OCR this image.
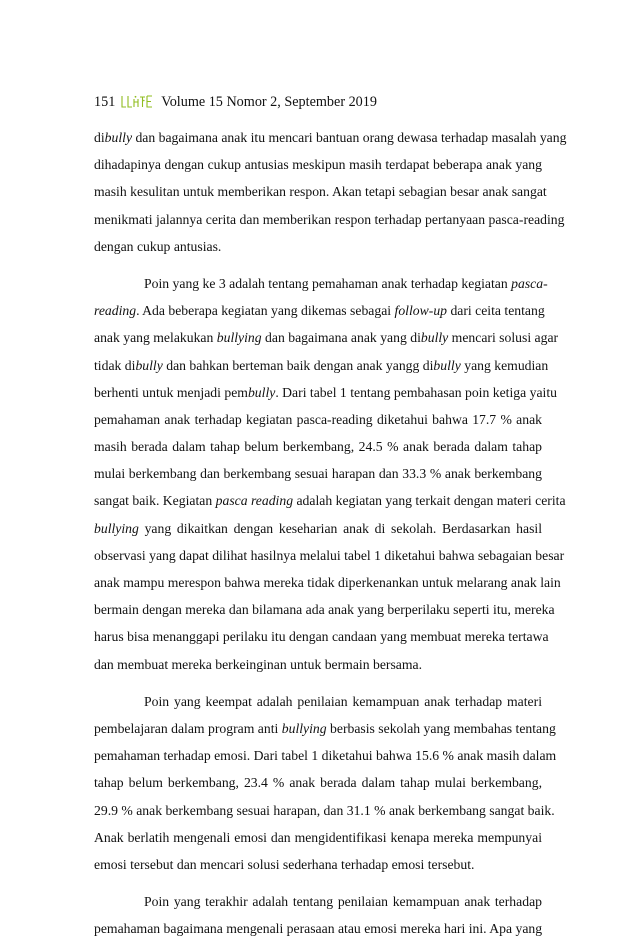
151	Volume 15 Nomor 2, September 2019
dibully dan bagaimana anak itu mencari bantuan orang dewasa terhadap masalah yang
dihadapinya dengan cukup antusias meskipun masih terdapat beberapa anak yang
masih kesulitan untuk memberikan respon. Akan tetapi sebagian besar anak sangat
menikmati jalannya cerita dan memberikan respon terhadap pertanyaan pasca-reading
dengan cukup antusias.
Poin yang ke 3 adalah tentang pemahaman anak terhadap kegiatan pasca-
reading. Ada beberapa kegiatan yang dikemas sebagai follow-up dari ceita tentang
anak yang melakukan bullying dan bagaimana anak yang dibully mencari solusi agar
tidak dibully dan bahkan berteman baik dengan anak yangg dibully yang kemudian
berhenti untuk menjadi pembully. Dari tabel 1 tentang pembahasan poin ketiga yaitu
pemahaman anak terhadap kegiatan pasca-reading diketahui bahwa 17.7 % anak
masih berada dalam tahap belum berkembang, 24.5 % anak berada dalam tahap
mulai berkembang dan berkembang sesuai harapan dan 33.3 % anak berkembang
sangat baik. Kegiatan pasca reading adalah kegiatan yang terkait dengan materi cerita
bullying yang dikaitkan dengan keseharian anak di sekolah. Berdasarkan hasil
observasi yang dapat dilihat hasilnya melalui tabel 1 diketahui bahwa sebagaian besar
anak mampu merespon bahwa mereka tidak diperkenankan untuk melarang anak lain
bermain dengan mereka dan bilamana ada anak yang berperilaku seperti itu, mereka
harus bisa menanggapi perilaku itu dengan candaan yang membuat mereka tertawa
dan membuat mereka berkeinginan untuk bermain bersama.
Poin yang keempat adalah penilaian kemampuan anak terhadap materi
pembelajaran dalam program anti bullying berbasis sekolah yang membahas tentang
pemahaman terhadap emosi. Dari tabel 1 diketahui bahwa 15.6 % anak masih dalam
tahap belum berkembang, 23.4 % anak berada dalam tahap mulai berkembang,
29.9 % anak berkembang sesuai harapan, dan 31.1 % anak berkembang sangat baik.
Anak berlatih mengenali emosi dan mengidentifikasi kenapa mereka mempunyai
emosi tersebut dan mencari solusi sederhana terhadap emosi tersebut.
Poin yang terakhir adalah tentang penilaian kemampuan anak terhadap
pemahaman bagaimana mengenali perasaan atau emosi mereka hari ini. Apa yang
